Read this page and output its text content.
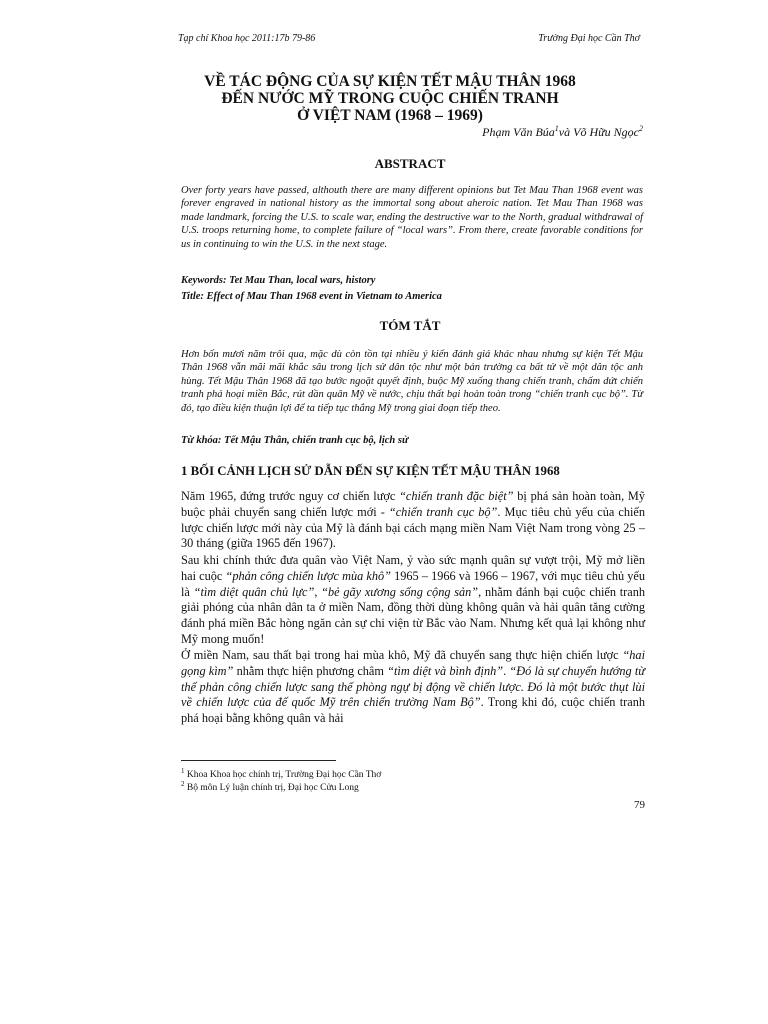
Tạp chí Khoa học 2011:17b 79-86	Trường Đại học Cần Thơ
VỀ TÁC ĐỘNG CỦA SỰ KIỆN TẾT MẬU THÂN 1968
ĐẾN NƯỚC MỸ TRONG CUỘC CHIẾN TRANH
Ở VIỆT NAM (1968 – 1969)
Phạm Văn Búa$^1$và Võ Hữu Ngọc$^2$
ABSTRACT
Over forty years have passed, althouth there are many different opinions but Tet Mau Than 1968 event was forever engraved in national history as the immortal song about aheroic nation. Tet Mau Than 1968 was made landmark, forcing the U.S. to scale war, ending the destructive war to the North, gradual withdrawal of U.S. troops returning home, to complete failure of “local wars”. From there, create favorable conditions for us in continuing to win the U.S. in the next stage.
Keywords: Tet Mau Than, local wars, history
Title: Effect of Mau Than 1968 event in Vietnam to America
TÓM TẮT
Hơn bốn mươi năm trôi qua, mặc dù còn tồn tại nhiều ý kiến đánh giá khác nhau nhưng sự kiện Tết Mậu Thân 1968 vẫn mãi mãi khắc sâu trong lịch sử dân tộc như một bản trường ca bất tử về một dân tộc anh hùng. Tết Mậu Thân 1968 đã tạo bước ngoặt quyết định, buộc Mỹ xuống thang chiến tranh, chấm dứt chiến tranh phá hoại miền Bắc, rút dần quân Mỹ về nước, chịu thất bại hoàn toàn trong “chiến tranh cục bộ”. Từ đó, tạo điều kiện thuận lợi để ta tiếp tục thắng Mỹ trong giai đoạn tiếp theo.
Từ khóa: Tết Mậu Thân, chiến tranh cục bộ, lịch sử
1 BỐI CẢNH LỊCH SỬ DẪN ĐẾN SỰ KIỆN TẾT MẬU THÂN 1968
Năm 1965, đứng trước nguy cơ chiến lược “chiến tranh đặc biệt” bị phá sản hoàn toàn, Mỹ buộc phải chuyển sang chiến lược mới - “chiến tranh cục bộ”. Mục tiêu chủ yếu của chiến lược chiến lược mới này của Mỹ là đánh bại cách mạng miền Nam Việt Nam trong vòng 25 – 30 tháng (giữa 1965 đến 1967).
Sau khi chính thức đưa quân vào Việt Nam, ỷ vào sức mạnh quân sự vượt trội, Mỹ mở liền hai cuộc “phản công chiến lược mùa khô” 1965 – 1966 và 1966 – 1967, với mục tiêu chủ yếu là “tìm diệt quân chủ lực”, “bẻ gãy xương sống cộng sản”, nhằm đánh bại cuộc chiến tranh giải phóng của nhân dân ta ở miền Nam, đồng thời dùng không quân và hải quân tăng cường đánh phá miền Bắc hòng ngăn cản sự chi viện từ Bắc vào Nam. Nhưng kết quả lại không như Mỹ mong muốn!
Ở miền Nam, sau thất bại trong hai mùa khô, Mỹ đã chuyển sang thực hiện chiến lược “hai gọng kìm” nhằm thực hiện phương châm “tìm diệt và bình định”. “Đó là sự chuyển hướng từ thế phản công chiến lược sang thế phòng ngự bị động về chiến lược. Đó là một bước thụt lùi về chiến lược của đế quốc Mỹ trên chiến trường Nam Bộ”. Trong khi đó, cuộc chiến tranh phá hoại bằng không quân và hải
$^1$ Khoa Khoa học chính trị, Trường Đại học Cần Thơ
$^2$ Bộ môn Lý luận chính trị, Đại học Cửu Long
79
